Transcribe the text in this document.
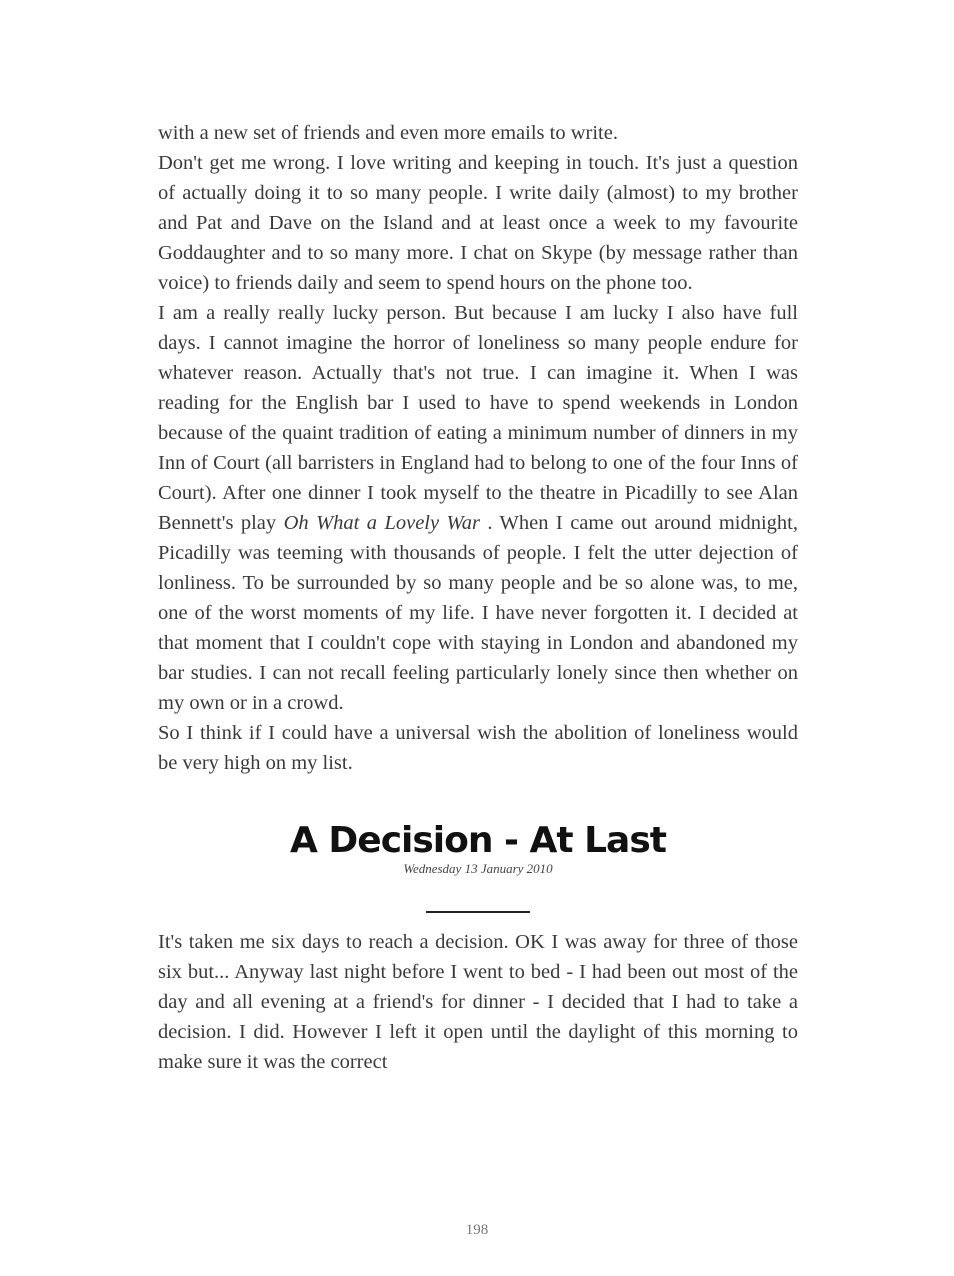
with a new set of friends and even more emails to write.

Don't get me wrong. I love writing and keeping in touch. It's just a question of actually doing it to so many people. I write daily (almost) to my brother and Pat and Dave on the Island and at least once a week to my favourite Goddaughter and to so many more. I chat on Skype (by message rather than voice) to friends daily and seem to spend hours on the phone too.

I am a really really lucky person. But because I am lucky I also have full days. I cannot imagine the horror of loneliness so many people endure for whatever reason. Actually that's not true. I can imagine it. When I was reading for the English bar I used to have to spend weekends in London because of the quaint tradition of eating a minimum number of dinners in my Inn of Court (all barristers in England had to belong to one of the four Inns of Court). After one dinner I took myself to the theatre in Picadilly to see Alan Bennett's play Oh What a Lovely War . When I came out around midnight, Picadilly was teeming with thousands of people. I felt the utter dejection of lonliness. To be surrounded by so many people and be so alone was, to me, one of the worst moments of my life. I have never forgotten it. I decided at that moment that I couldn't cope with staying in London and abandoned my bar studies. I can not recall feeling particularly lonely since then whether on my own or in a crowd.

So I think if I could have a universal wish the abolition of loneliness would be very high on my list.

A Decision - At Last

Wednesday 13 January 2010

It's taken me six days to reach a decision. OK I was away for three of those six but... Anyway last night before I went to bed - I had been out most of the day and all evening at a friend's for dinner - I decided that I had to take a decision. I did. However I left it open until the daylight of this morning to make sure it was the correct

198
